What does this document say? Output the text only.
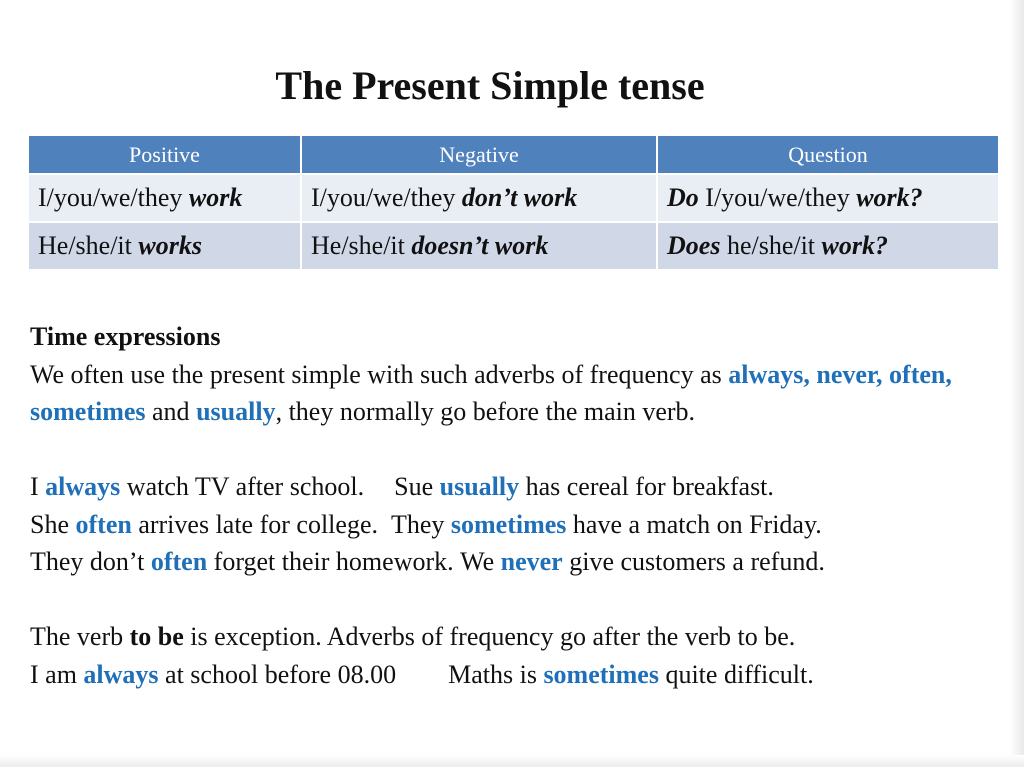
The Present Simple tense
Positive	Negative	Question
I/you/we/they work	I/you/we/they don’t work	Do I/you/we/they work?
He/she/it works	He/she/it doesn’t work	Does he/she/it work?

Time expressions

We often use the present simple with such adverbs of frequency as always, never, often, sometimes and usually, they normally go before the main verb.

I always watch TV after school. Sue usually has cereal for breakfast.

She often arrives late for college. They sometimes have a match on Friday.

They don’t often forget their homework. We never give customers a refund.

The verb to be is exception. Adverbs of frequency go after the verb to be.

I am always at school before 08.00 Maths is sometimes quite difficult.
